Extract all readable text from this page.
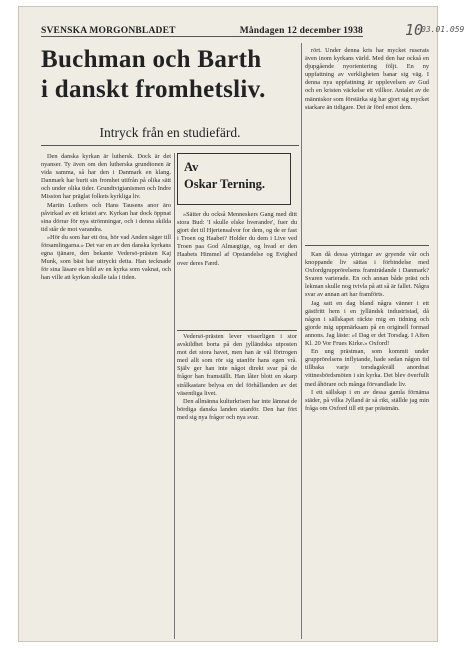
SVENSKA MORGONBLADET	Måndagen 12 december 1938	10
03.01.059
Buchman och Barth
i danskt fromhetsliv.
Intryck från en studiefärd.
Av
Oskar Terning.

Den danska kyrkan är luthersk. Dock är det nyanser. Ty även om den lutherska grundtonen är vida samma, så har den i Danmark en klang. Danmark har burit sin fromhet utifrån på olika sätt och under olika tider. Grundtvigianismen och Indre Mission har präglat folkets kyrkliga liv.

Martin Luthers och Hans Tausens anor äro påvirkad av ett kristet arv. Kyrkan har dock öppnat sina dörrar för nya strömningar, och i denna skilda tid står de mot varandra.

»Hör du som har ett öra, hör vad Anden säger till församlingarna.» Det var en av den danska kyrkans egna tjänare, den bekante Vedersö-prästen Kaj Munk, som bäst har uttryckt detta. Han tecknade för sina läsare en bild av en kyrka som vaknat, och han ville att kyrkan skulle tala i tiden.

»Sätter du också Menneskers Gang med ditt stora Bud: 'I skulle elske hverandre', fuer du gjort det til Hjertensalvor for dem, og de er fast i Troen og Haabet? Holder du dem i Live ved Troen paa God Almægtige, og hvad er den Haabets Himmel af Opstandelse og Evighed over deres Færd.

Vedersö-prästen lever visserligen i stor avskildhet borta på den jylländska utposten mot det stora havet, men han är väl förtrogen med allt som rör sig utanför hans egen vrå. Själv ger han inte något direkt svar på de frågor han framställt. Han låter blott en skarp strålkastare belysa en del förhållanden av det väsentliga livet.

Den allmänna kulturkrisen har inte lämnat de bördiga danska landen utanför. Den har fört med sig nya frågor och nya svar.

rört. Under denna kris har mycket ruserats även inom kyrkans värld. Med den har också en djupgående nyorientering följt. En ny uppfattning av verkligheten banar sig väg. I denna nya uppfattning är upplevelsen av Gud och en kristen väckelse ett villkor. Antalet av de människor som förstärka sig har gjort sig mycket starkare än tidigare. Det är förd emot dem.

Kan då dessa yttringar av gryende vår och knoppande liv sättas i förbindelse med Oxfordgrupprörelsens framträdande i Danmark? Svaren varierade. En och annan både präst och lekman skulle nog tvivla på att så är fallet. Några svar av annan art har framförts.

Jag satt en dag bland några vänner i ett gästfritt hem i en jylländsk industristad, då någon i sällskapet räckte mig en tidning och gjorde mig uppmärksam på en originell formad annons. Jag läste: »I Dag er det Torsdag. I Aften Kl. 20 Vor Frues Kirke.» Oxford!

En ung prästman, som kommit under grupprörelsens inflytande, hade sedan någon tid tillbaka varje torsdagskväll anordnat vittnesbördsmöten i sin kyrka. Det blev överfullt med åhörare och många förvandlade liv.

I ett sällskap i en av dessa gamla förnäma städer, på vilka Jylland är så rikt, ställde jag min fråga om Oxford till ett par prästmän.
